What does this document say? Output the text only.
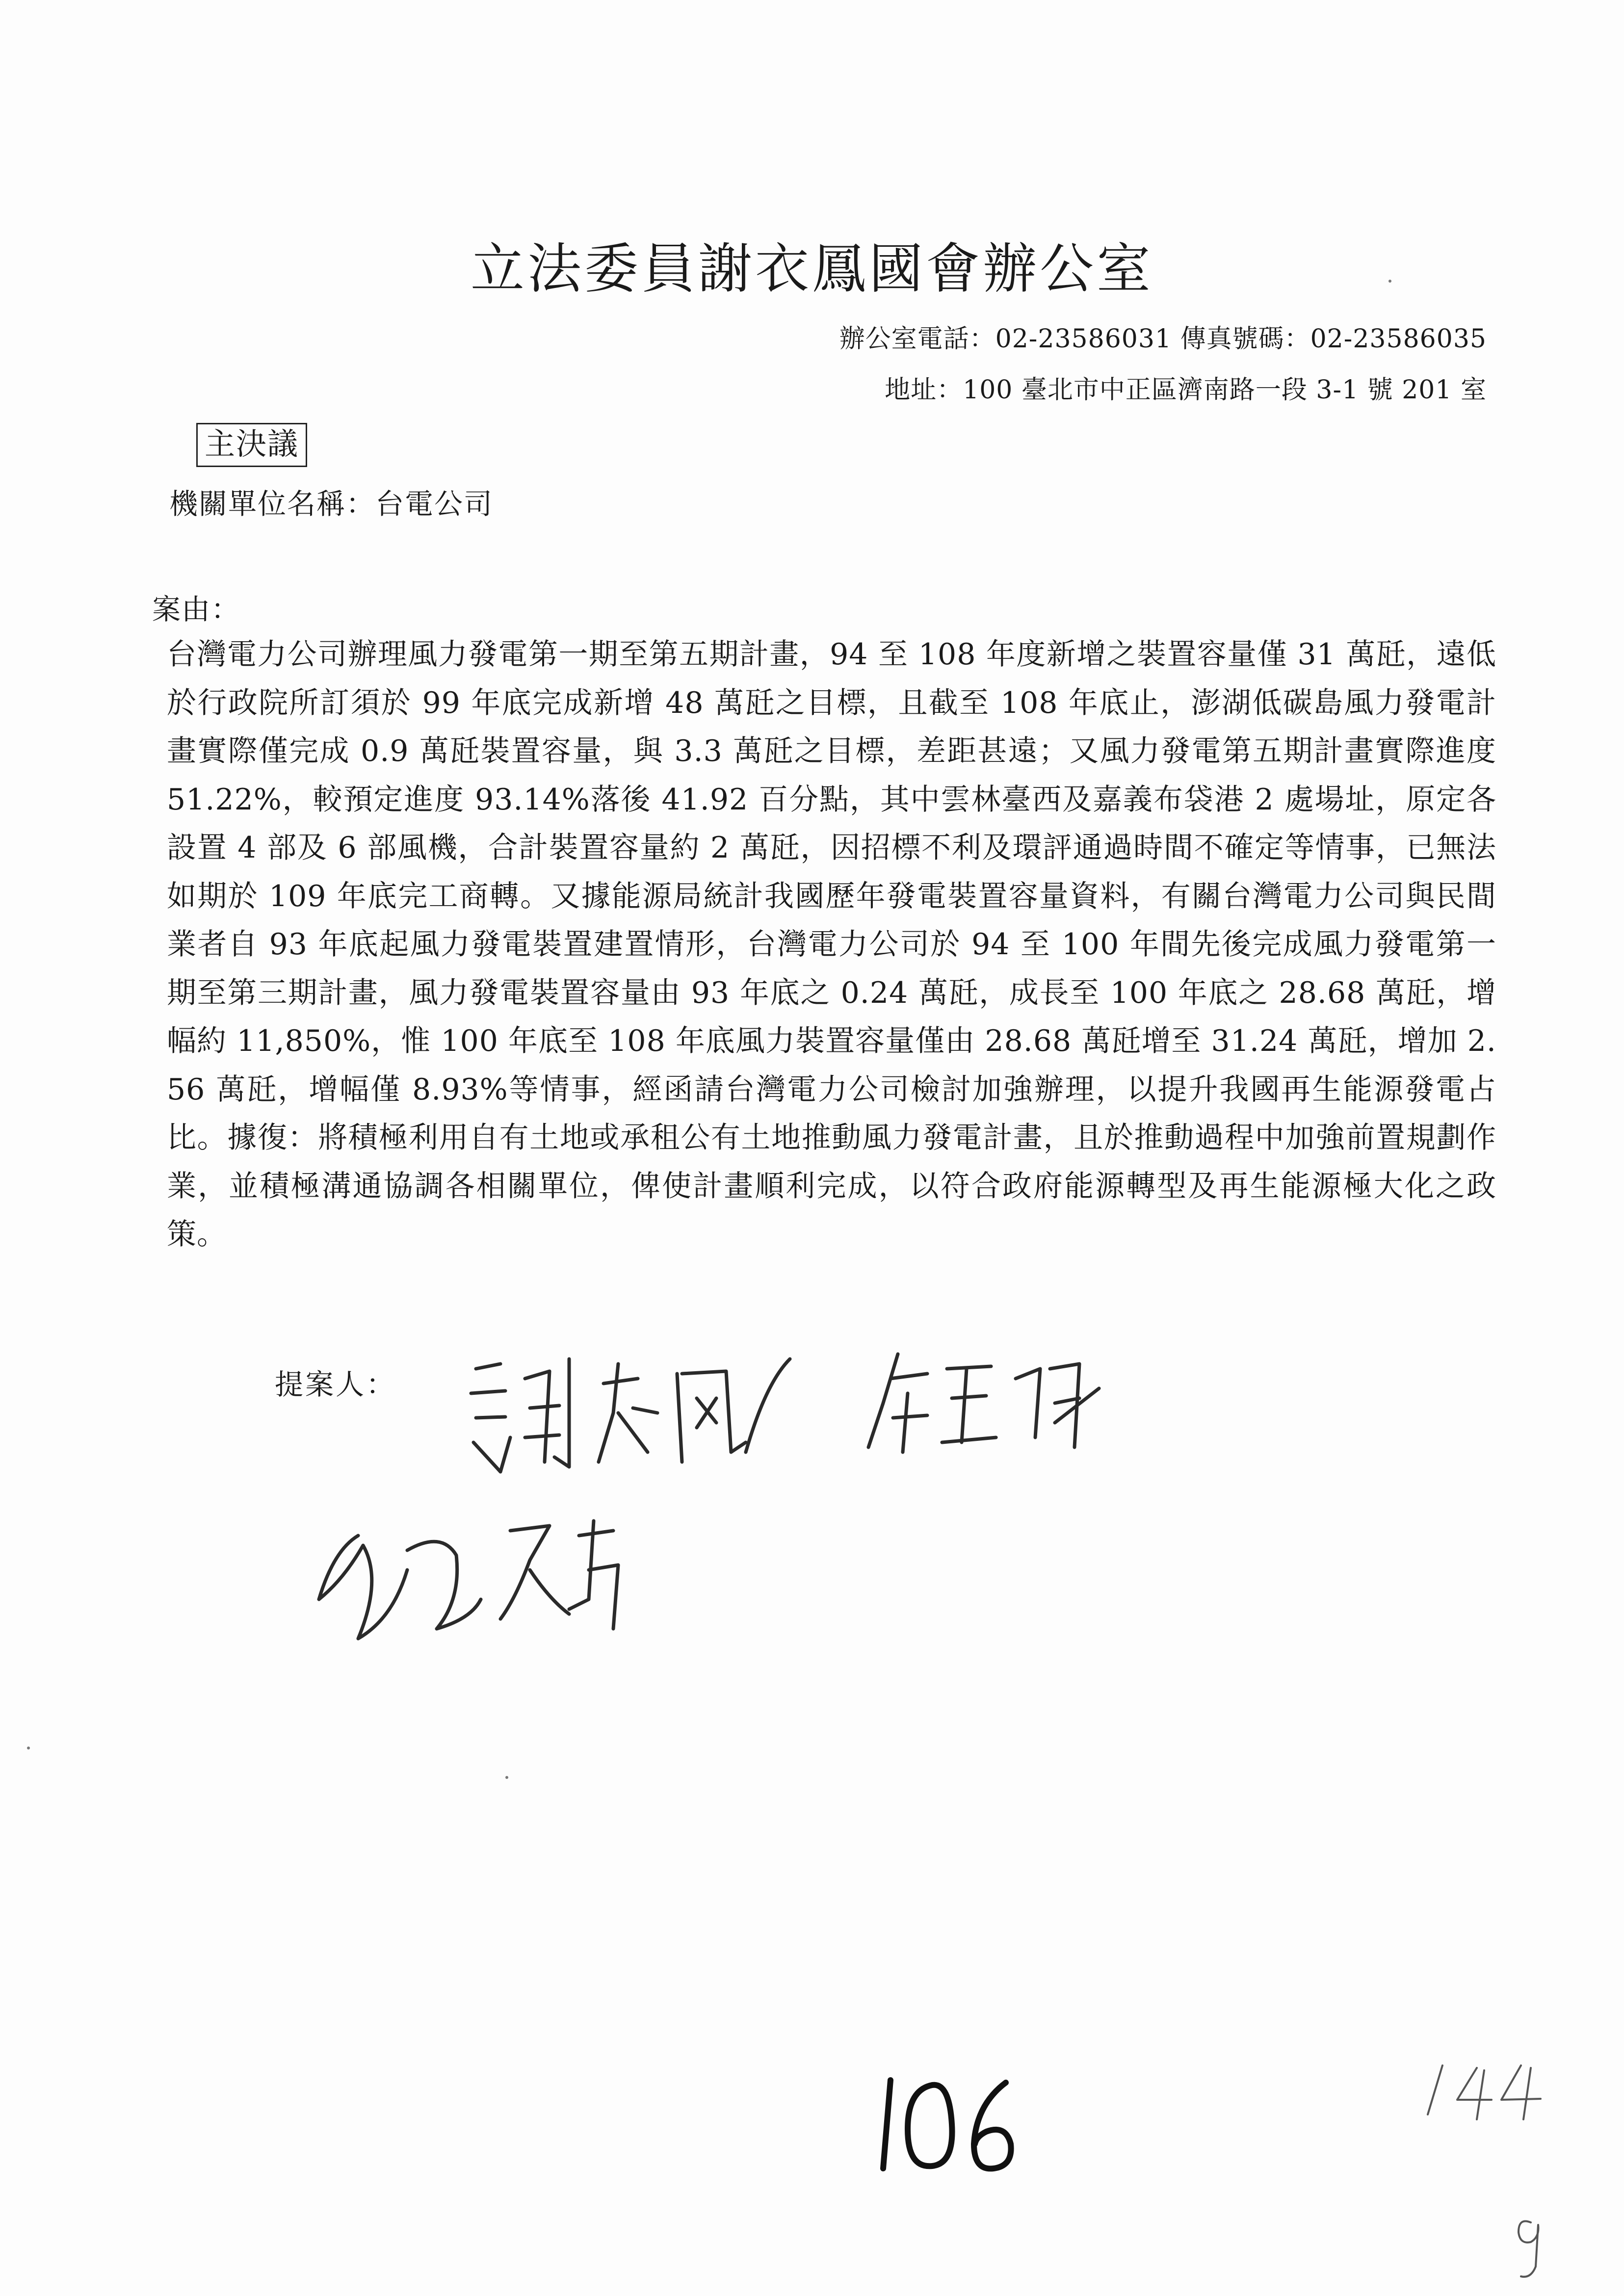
立法委員謝衣鳳國會辦公室
辦公室電話：02-23586031 傳真號碼：02-23586035
地址：100 臺北市中正區濟南路一段 3-1 號 201 室
主決議
機關單位名稱：台電公司
案由：
台灣電力公司辦理風力發電第一期至第五期計畫，94 至 108 年度新增之裝置容量僅 31 萬瓩，遠低於行政院所訂須於 99 年底完成新增 48 萬瓩之目標，且截至 108 年底止，澎湖低碳島風力發電計畫實際僅完成 0.9 萬瓩裝置容量，與 3.3 萬瓩之目標，差距甚遠；又風力發電第五期計畫實際進度 51.22%，較預定進度 93.14%落後 41.92 百分點，其中雲林臺西及嘉義布袋港 2 處場址，原定各設置 4 部及 6 部風機，合計裝置容量約 2 萬瓩，因招標不利及環評通過時間不確定等情事，已無法如期於 109 年底完工商轉。又據能源局統計我國歷年發電裝置容量資料，有關台灣電力公司與民間業者自 93 年底起風力發電裝置建置情形，台灣電力公司於 94 至 100 年間先後完成風力發電第一期至第三期計畫，風力發電裝置容量由 93 年底之 0.24 萬瓩，成長至 100 年底之 28.68 萬瓩，增幅約 11,850%，惟 100 年底至 108 年底風力裝置容量僅由 28.68 萬瓩增至 31.24 萬瓩，增加 2.56 萬瓩，增幅僅 8.93%等情事，經函請台灣電力公司檢討加強辦理，以提升我國再生能源發電占比。據復：將積極利用自有土地或承租公有土地推動風力發電計畫，且於推動過程中加強前置規劃作業，並積極溝通協調各相關單位，俾使計畫順利完成，以符合政府能源轉型及再生能源極大化之政策。
提案人：
